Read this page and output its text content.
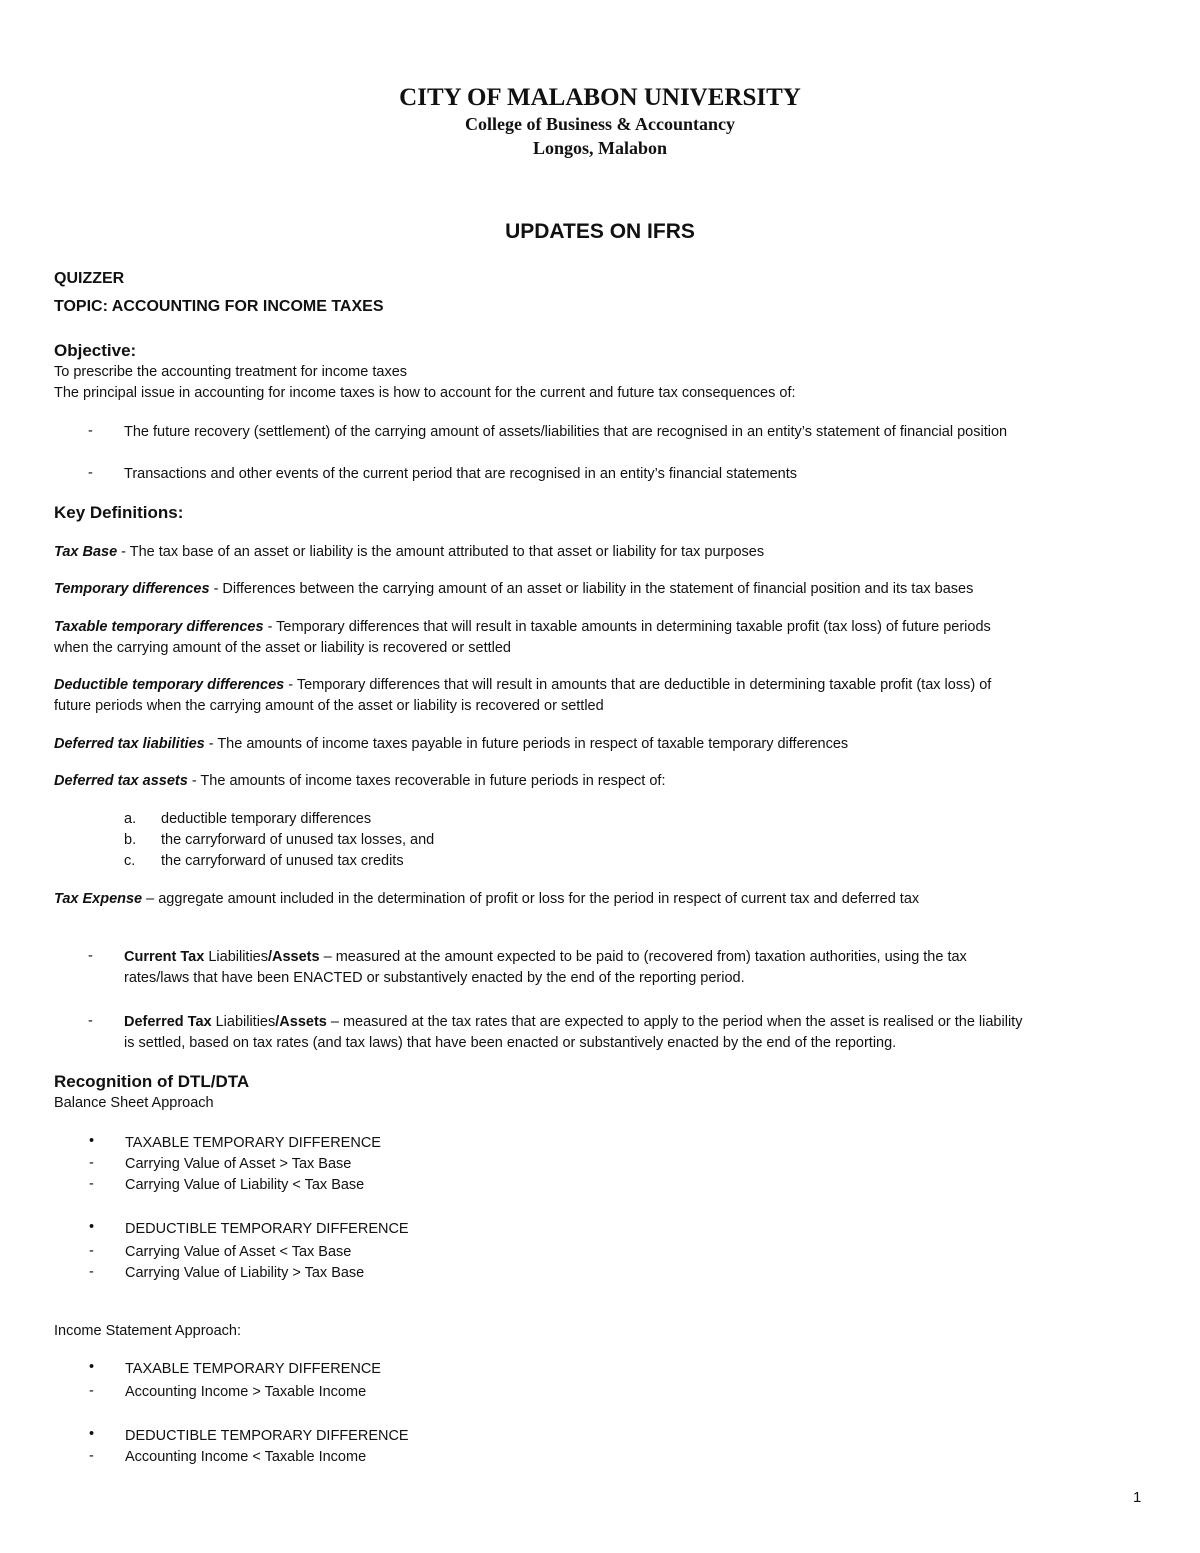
CITY OF MALABON UNIVERSITY
College of Business & Accountancy
Longos, Malabon
UPDATES ON IFRS
QUIZZER
TOPIC: ACCOUNTING FOR INCOME TAXES
Objective:
To prescribe the accounting treatment for income taxes
The principal issue in accounting for income taxes is how to account for the current and future tax consequences of:
- The future recovery (settlement) of the carrying amount of assets/liabilities that are recognised in an entity’s statement of financial position
- Transactions and other events of the current period that are recognised in an entity’s financial statements
Key Definitions:
Tax Base - The tax base of an asset or liability is the amount attributed to that asset or liability for tax purposes
Temporary differences - Differences between the carrying amount of an asset or liability in the statement of financial position and its tax bases
Taxable temporary differences - Temporary differences that will result in taxable amounts in determining taxable profit (tax loss) of future periods
when the carrying amount of the asset or liability is recovered or settled
Deductible temporary differences - Temporary differences that will result in amounts that are deductible in determining taxable profit (tax loss) of
future periods when the carrying amount of the asset or liability is recovered or settled
Deferred tax liabilities - The amounts of income taxes payable in future periods in respect of taxable temporary differences
Deferred tax assets - The amounts of income taxes recoverable in future periods in respect of:
a. deductible temporary differences
b. the carryforward of unused tax losses, and
c. the carryforward of unused tax credits
Tax Expense – aggregate amount included in the determination of profit or loss for the period in respect of current tax and deferred tax
- Current Tax Liabilities/Assets – measured at the amount expected to be paid to (recovered from) taxation authorities, using the tax
rates/laws that have been ENACTED or substantively enacted by the end of the reporting period.
- Deferred Tax Liabilities/Assets – measured at the tax rates that are expected to apply to the period when the asset is realised or the liability
is settled, based on tax rates (and tax laws) that have been enacted or substantively enacted by the end of the reporting.
Recognition of DTL/DTA
Balance Sheet Approach
• TAXABLE TEMPORARY DIFFERENCE
- Carrying Value of Asset > Tax Base
- Carrying Value of Liability < Tax Base
• DEDUCTIBLE TEMPORARY DIFFERENCE
- Carrying Value of Asset < Tax Base
- Carrying Value of Liability > Tax Base
Income Statement Approach:
• TAXABLE TEMPORARY DIFFERENCE
- Accounting Income > Taxable Income
• DEDUCTIBLE TEMPORARY DIFFERENCE
- Accounting Income < Taxable Income
1
